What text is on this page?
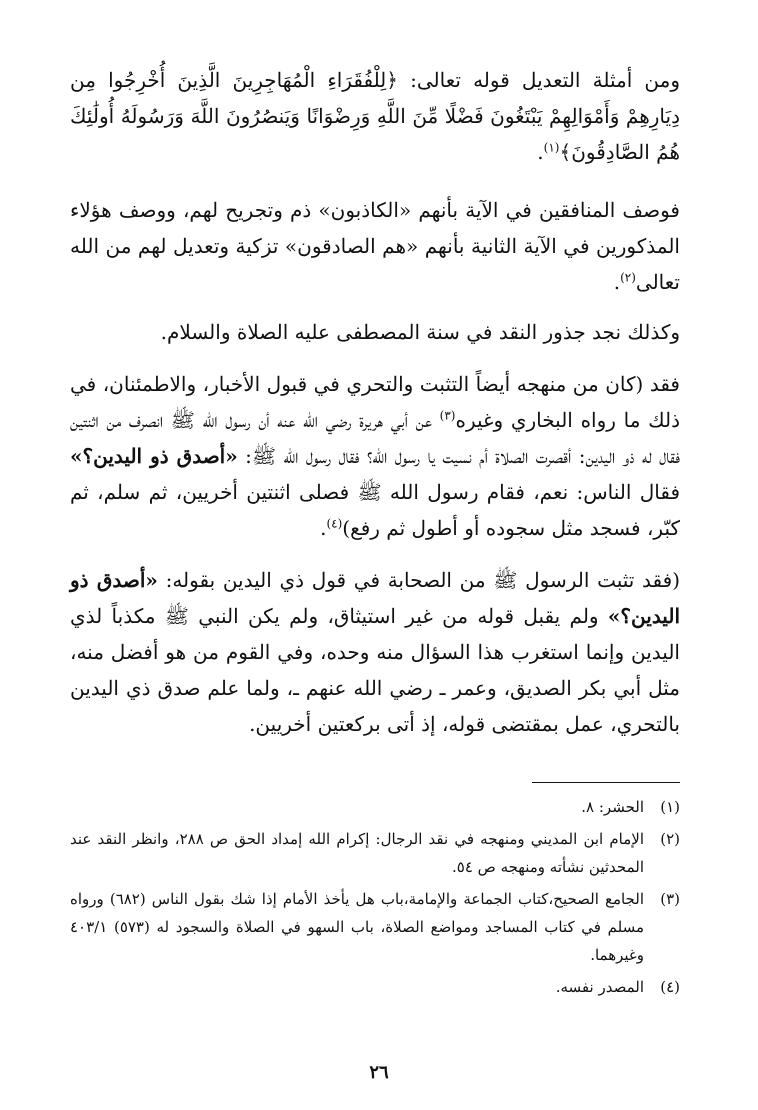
ومن أمثلة التعديل قوله تعالى: ﴿لِلْفُقَرَاءِ الْمُهَاجِرِينَ الَّذِينَ أُخْرِجُوا مِن دِيَارِهِمْ وَأَمْوَالِهِمْ يَبْتَغُونَ فَضْلًا مِّنَ اللَّهِ وَرِضْوَانًا وَيَنصُرُونَ اللَّهَ وَرَسُولَهُ أُولَٰئِكَ هُمُ الصَّادِقُونَ﴾$^{(١)}$.

فوصف المنافقين في الآية بأنهم «الكاذبون» ذم وتجريح لهم، ووصف هؤلاء المذكورين في الآية الثانية بأنهم «هم الصادقون» تزكية وتعديل لهم من الله تعالى$^{(٢)}$.

وكذلك نجد جذور النقد في سنة المصطفى عليه الصلاة والسلام.

فقد (كان من منهجه أيضاً التثبت والتحري في قبول الأخبار، والاطمئنان، في ذلك ما رواه البخاري وغيره$^{(٣)}$ عن أبي هريرة رضي الله عنه أن رسول الله ﷺ انصرف من اثنتين فقال له ذو اليدين: أقصرت الصلاة أم نسيت يا رسول الله؟ فقال رسول الله ﷺ: «أصدق ذو اليدين؟» فقال الناس: نعم، فقام رسول الله ﷺ فصلى اثنتين أخريين، ثم سلم، ثم كبّر، فسجد مثل سجوده أو أطول ثم رفع)$^{(٤)}$.

(فقد تثبت الرسول ﷺ من الصحابة في قول ذي اليدين بقوله: «أصدق ذو اليدين؟» ولم يقبل قوله من غير استيثاق، ولم يكن النبي ﷺ مكذباً لذي اليدين وإنما استغرب هذا السؤال منه وحده، وفي القوم من هو أفضل منه، مثل أبي بكر الصديق، وعمر ـ رضي الله عنهم ـ، ولما علم صدق ذي اليدين بالتحري، عمل بمقتضى قوله، إذ أتى بركعتين أخريين.

(١)
الحشر: ٨.
(٢)
الإمام ابن المديني ومنهجه في نقد الرجال: إكرام الله إمداد الحق ص ٢٨٨، وانظر النقد عند المحدثين نشأته ومنهجه ص ٥٤.
(٣)
الجامع الصحيح،كتاب الجماعة والإمامة،باب هل يأخذ الأمام إذا شك بقول الناس (٦٨٢) ورواه مسلم في كتاب المساجد ومواضع الصلاة، باب السهو في الصلاة والسجود له (٥٧٣) ٤٠٣/١ وغيرهما.
(٤)
المصدر نفسه.
٢٦
